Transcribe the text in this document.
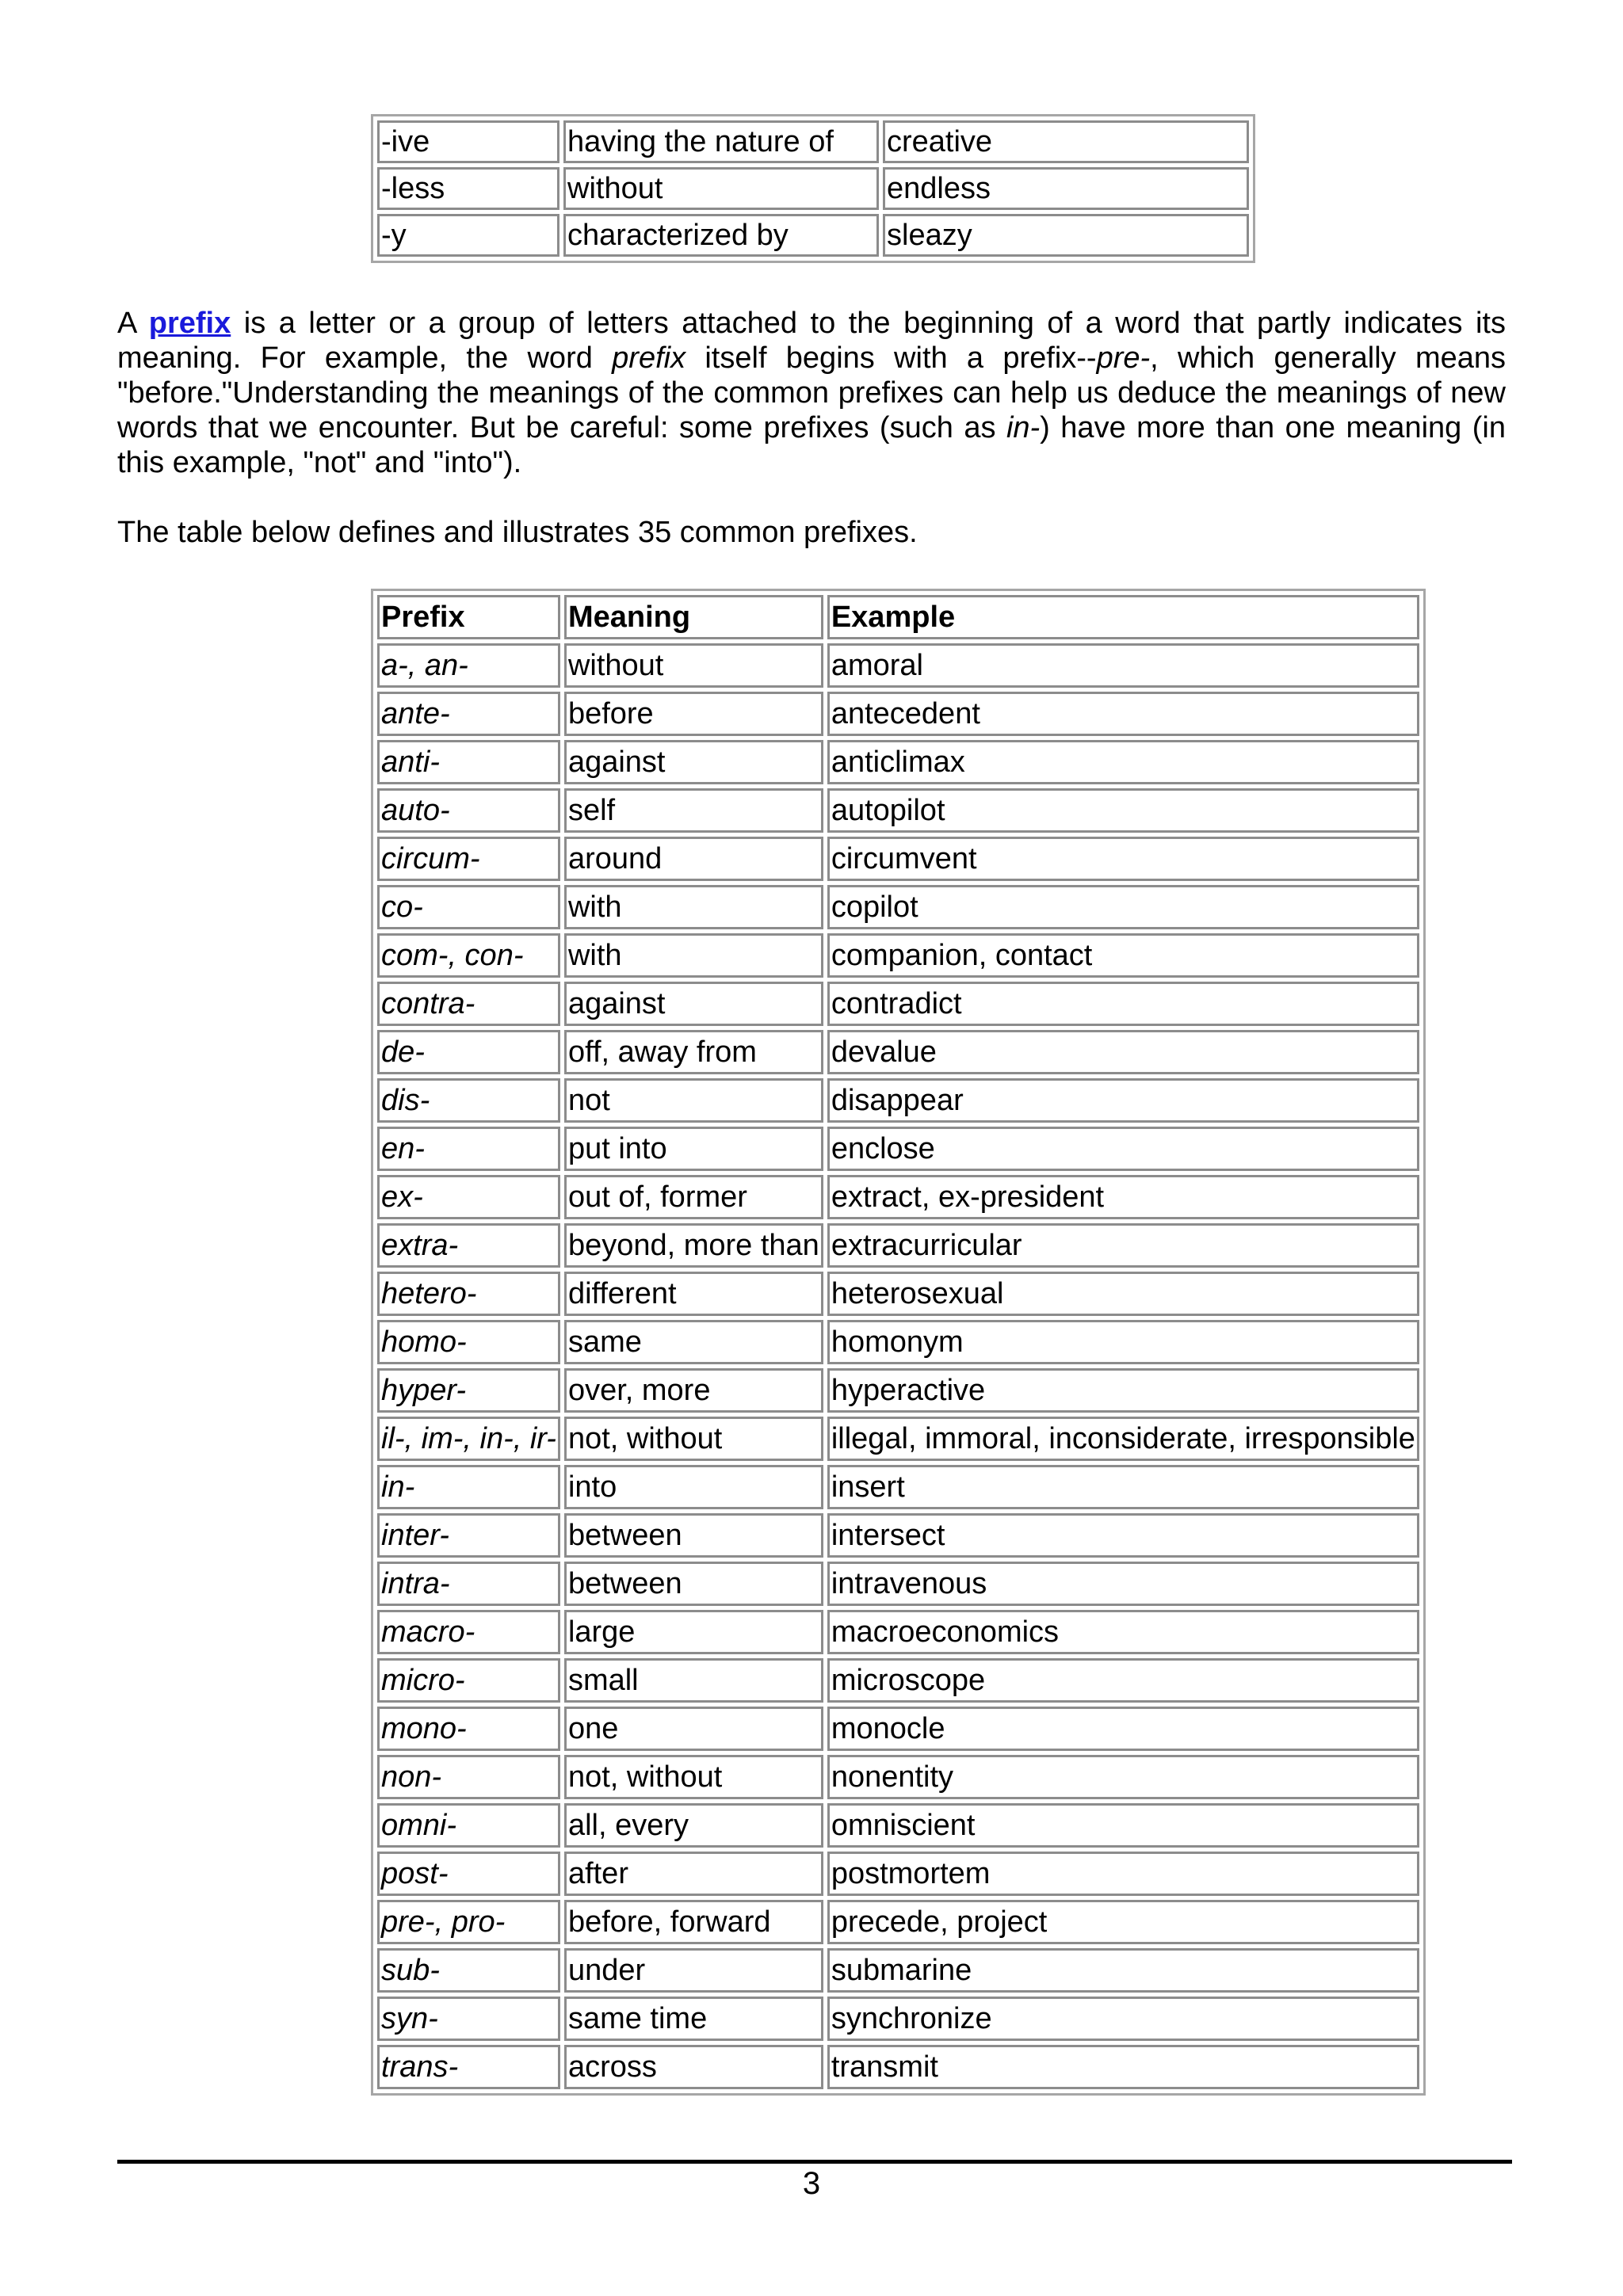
-ive	having the nature of	creative
-less	without	endless
-y	characterized by	sleazy

A prefix is a letter or a group of letters attached to the beginning of a word that partly indicates its meaning. For example, the word prefix itself begins with a prefix--pre-, which generally means "before."Understanding the meanings of the common prefixes can help us deduce the meanings of new words that we encounter. But be careful: some prefixes (such as in-) have more than one meaning (in this example, "not" and "into").

The table below defines and illustrates 35 common prefixes.

Prefix	Meaning	Example
a-, an-	without	amoral
ante-	before	antecedent
anti-	against	anticlimax
auto-	self	autopilot
circum-	around	circumvent
co-	with	copilot
com-, con-	with	companion, contact
contra-	against	contradict
de-	off, away from	devalue
dis-	not	disappear
en-	put into	enclose
ex-	out of, former	extract, ex-president
extra-	beyond, more than	extracurricular
hetero-	different	heterosexual
homo-	same	homonym
hyper-	over, more	hyperactive
il-, im-, in-, ir-	not, without	illegal, immoral, inconsiderate, irresponsible
in-	into	insert
inter-	between	intersect
intra-	between	intravenous
macro-	large	macroeconomics
micro-	small	microscope
mono-	one	monocle
non-	not, without	nonentity
omni-	all, every	omniscient
post-	after	postmortem
pre-, pro-	before, forward	precede, project
sub-	under	submarine
syn-	same time	synchronize
trans-	across	transmit
3
